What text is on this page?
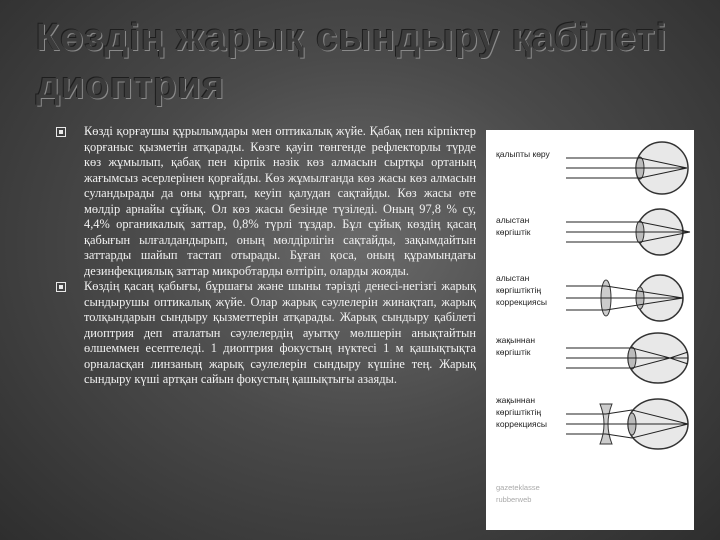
Көздің жарық сындыру қабілеті диоптрия

Көзді қорғаушы құрылымдары мен оптикалық жүйе. Қабақ пен кірпіктер қорғаныс қызметін атқарады. Көзге қауіп төнгенде рефлекторлы түрде көз жұмылып, қабақ пен кірпік нәзік көз алмасын сыртқы ортаның жағымсыз әсерлерінен қорғайды. Көз жұмылғанда көз жасы көз алмасын суландырады да оны құрғап, кеуіп қалудан сақтайды. Көз жасы өте мөлдір арнайы сұйық. Ол көз жасы безінде түзіледі. Оның 97,8 % су, 4,4% органикалық заттар, 0,8% түрлі тұздар. Бұл сұйық көздің қасаң қабығын ылғалдандырып, оның мөлдірлігін сақтайды, зақымдайтын заттарды шайып тастап отырады. Бұған қоса, оның құрамындағы дезинфекциялық заттар микробтарды өлтіріп, оларды жояды.

Көздің қасаң қабығы, бұршағы және шыны тәрізді денесі-негізгі жарық сындырушы оптикалық жүйе. Олар жарық сәулелерін жинақтап, жарық толқындарын сындыру қызметтерін атқарады. Жарық сындыру қабілеті диоптрия деп аталатын сәулелердің ауытқу мөлшерін анықтайтын өлшеммен есептеледі. 1 диоптрия фокустың нүктесі 1 м қашықтықта орналасқан линзаның жарық сәулелерін сындыру күшіне тең. Жарық сындыру күші артқан сайын фокустың қашықтығы азаяды.

қалыпты көру
алыстан көргіштік
алыстан көргіштіктің коррекциясы
жақыннан көргіштік
жақыннан көргіштіктің коррекциясы
gazeteklasse
rubberweb
